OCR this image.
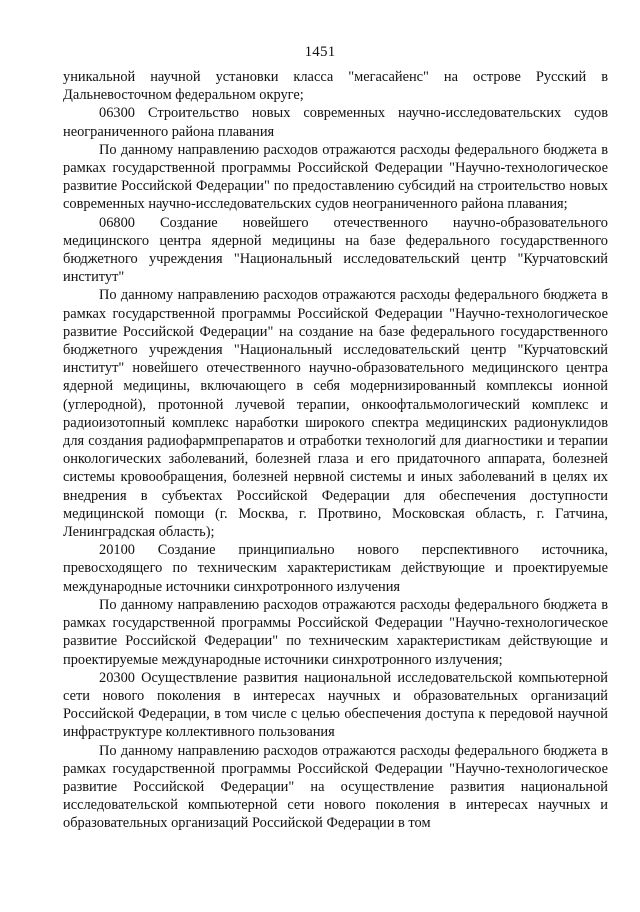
1451

уникальной научной установки класса "мегасайенс" на острове Русский в Дальневосточном федеральном округе;

06300 Строительство новых современных научно-исследовательских судов неограниченного района плавания

По данному направлению расходов отражаются расходы федерального бюджета в рамках государственной программы Российской Федерации "Научно-технологическое развитие Российской Федерации" по предоставлению субсидий на строительство новых современных научно-исследовательских судов неограниченного района плавания;

06800 Создание новейшего отечественного научно-образовательного медицинского центра ядерной медицины на базе федерального государственного бюджетного учреждения "Национальный исследовательский центр "Курчатовский институт"

По данному направлению расходов отражаются расходы федерального бюджета в рамках государственной программы Российской Федерации "Научно-технологическое развитие Российской Федерации" на создание на базе федерального государственного бюджетного учреждения "Национальный исследовательский центр "Курчатовский институт" новейшего отечественного научно-образовательного медицинского центра ядерной медицины, включающего в себя модернизированный комплексы ионной (углеродной), протонной лучевой терапии, онкоофтальмологический комплекс и радиоизотопный комплекс наработки широкого спектра медицинских радионуклидов для создания радиофармпрепаратов и отработки технологий для диагностики и терапии онкологических заболеваний, болезней глаза и его придаточного аппарата, болезней системы кровообращения, болезней нервной системы и иных заболеваний в целях их внедрения в субъектах Российской Федерации для обеспечения доступности медицинской помощи (г. Москва, г. Протвино, Московская область, г. Гатчина, Ленинградская область);

20100 Создание принципиально нового перспективного источника, превосходящего по техническим характеристикам действующие и проектируемые международные источники синхротронного излучения

По данному направлению расходов отражаются расходы федерального бюджета в рамках государственной программы Российской Федерации "Научно-технологическое развитие Российской Федерации" по техническим характеристикам действующие и проектируемые международные источники синхротронного излучения;

20300 Осуществление развития национальной исследовательской компьютерной сети нового поколения в интересах научных и образовательных организаций Российской Федерации, в том числе с целью обеспечения доступа к передовой научной инфраструктуре коллективного пользования

По данному направлению расходов отражаются расходы федерального бюджета в рамках государственной программы Российской Федерации "Научно-технологическое развитие Российской Федерации" на осуществление развития национальной исследовательской компьютерной сети нового поколения в интересах научных и образовательных организаций Российской Федерации в том
